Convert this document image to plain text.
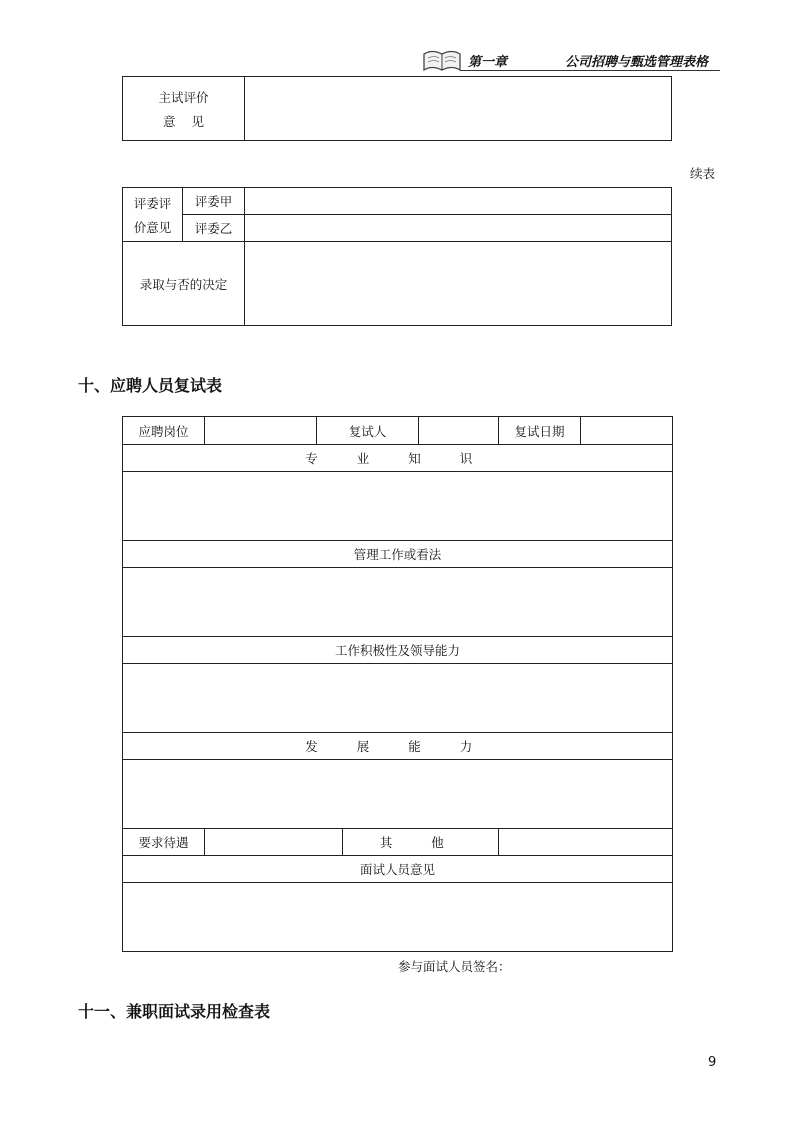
第一章	公司招聘与甄选管理表格
主试评价
意    见

续表
评委评
价意见	评委甲	
	评委乙	
录取与否的决定		
十、应聘人员复试表
应聘岗位		复试人			复试日期	
专 业 知 识						

管理工作或看法						

工作积极性及领导能力						

发 展 能 力						

要求待遇			其 他			
面试人员意见						

参与面试人员签名：
十一、兼职面试录用检查表
9
